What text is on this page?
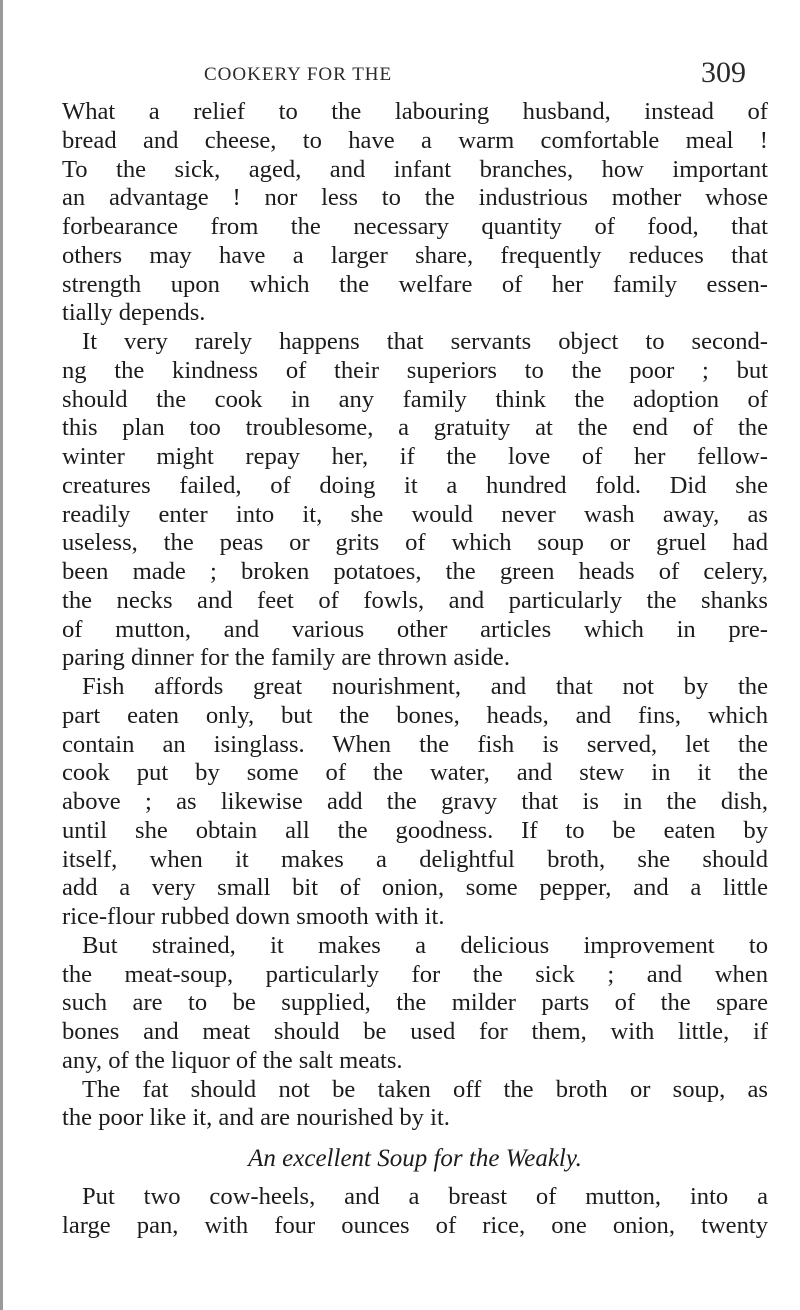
COOKERY FOR THE	309
What a relief to the labouring husband, instead of
bread and cheese, to have a warm comfortable meal !
To the sick, aged, and infant branches, how important
an advantage ! nor less to the industrious mother whose
forbearance from the necessary quantity of food, that
others may have a larger share, frequently reduces that
strength upon which the welfare of her family essen-
tially depends.
It very rarely happens that servants object to second-
ng the kindness of their superiors to the poor ; but
should the cook in any family think the adoption of
this plan too troublesome, a gratuity at the end of the
winter might repay her, if the love of her fellow-
creatures failed, of doing it a hundred fold. Did she
readily enter into it, she would never wash away, as
useless, the peas or grits of which soup or gruel had
been made ; broken potatoes, the green heads of celery,
the necks and feet of fowls, and particularly the shanks
of mutton, and various other articles which in pre-
paring dinner for the family are thrown aside.
Fish affords great nourishment, and that not by the
part eaten only, but the bones, heads, and fins, which
contain an isinglass. When the fish is served, let the
cook put by some of the water, and stew in it the
above ; as likewise add the gravy that is in the dish,
until she obtain all the goodness. If to be eaten by
itself, when it makes a delightful broth, she should
add a very small bit of onion, some pepper, and a little
rice-flour rubbed down smooth with it.
But strained, it makes a delicious improvement to
the meat-soup, particularly for the sick ; and when
such are to be supplied, the milder parts of the spare
bones and meat should be used for them, with little, if
any, of the liquor of the salt meats.
The fat should not be taken off the broth or soup, as
the poor like it, and are nourished by it.
An excellent Soup for the Weakly.
Put two cow-heels, and a breast of mutton, into a
large pan, with four ounces of rice, one onion, twenty
